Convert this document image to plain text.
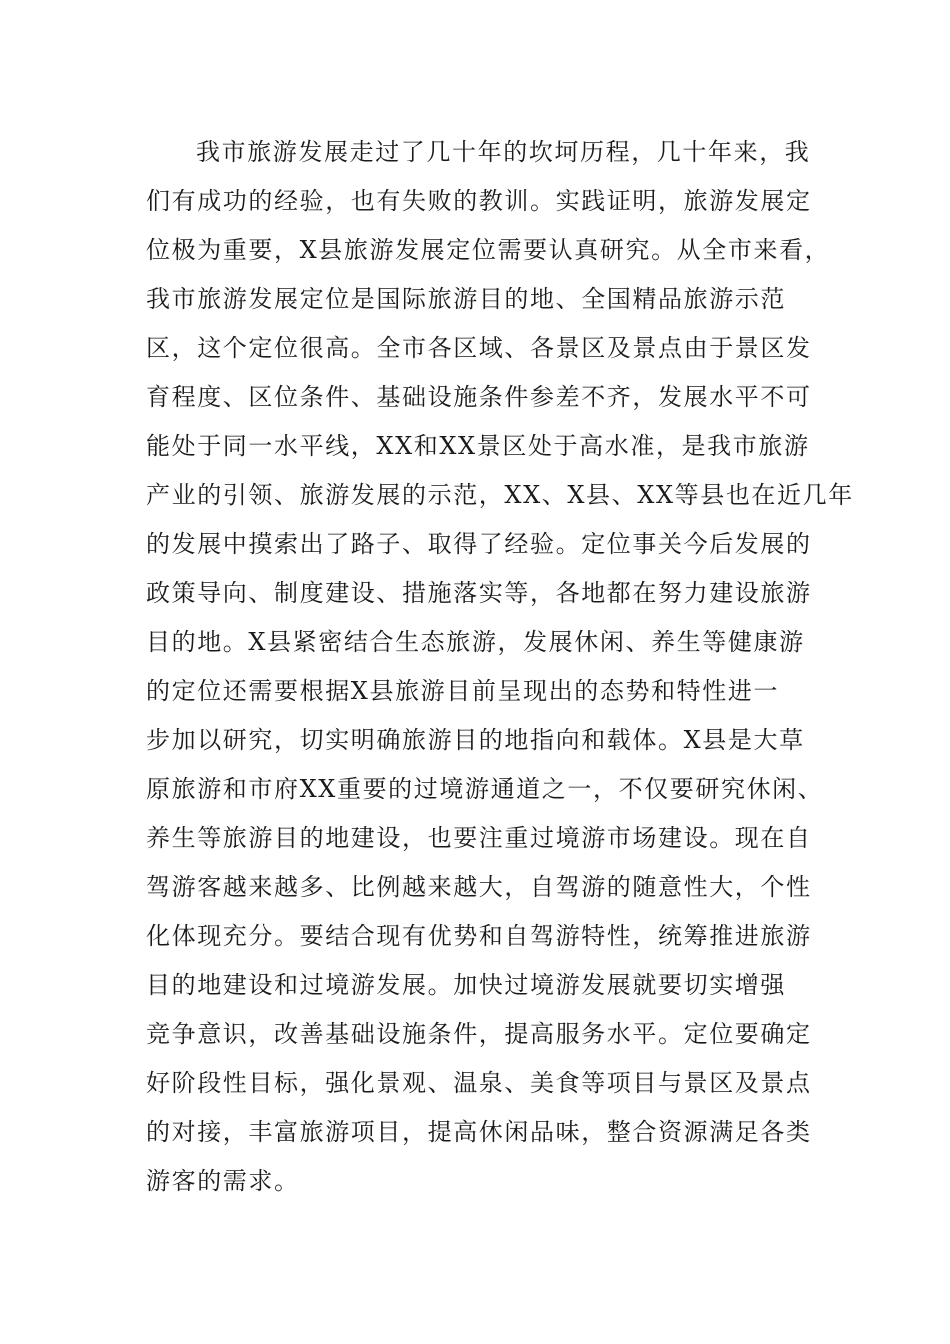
我市旅游发展走过了几十年的坎坷历程，几十年来，我
们有成功的经验，也有失败的教训。实践证明，旅游发展定
位极为重要，X县旅游发展定位需要认真研究。从全市来看，
我市旅游发展定位是国际旅游目的地、全国精品旅游示范
区，这个定位很高。全市各区域、各景区及景点由于景区发
育程度、区位条件、基础设施条件参差不齐，发展水平不可
能处于同一水平线，XX和XX景区处于高水准，是我市旅游
产业的引领、旅游发展的示范，XX、X县、XX等县也在近几年
的发展中摸索出了路子、取得了经验。定位事关今后发展的
政策导向、制度建设、措施落实等，各地都在努力建设旅游
目的地。X县紧密结合生态旅游，发展休闲、养生等健康游
的定位还需要根据X县旅游目前呈现出的态势和特性进一
步加以研究，切实明确旅游目的地指向和载体。X县是大草
原旅游和市府XX重要的过境游通道之一，不仅要研究休闲、
养生等旅游目的地建设，也要注重过境游市场建设。现在自
驾游客越来越多、比例越来越大，自驾游的随意性大，个性
化体现充分。要结合现有优势和自驾游特性，统筹推进旅游
目的地建设和过境游发展。加快过境游发展就要切实增强
竞争意识，改善基础设施条件，提高服务水平。定位要确定
好阶段性目标，强化景观、温泉、美食等项目与景区及景点
的对接，丰富旅游项目，提高休闲品味，整合资源满足各类
游客的需求。
